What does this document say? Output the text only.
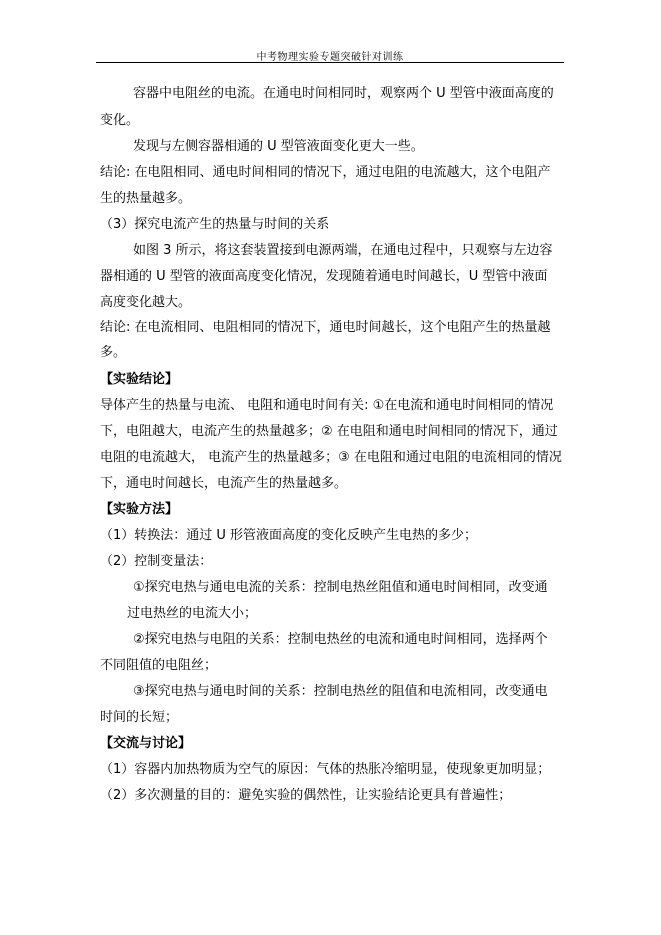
中考物理实验专题突破针对训练
容器中电阻丝的电流。在通电时间相同时，观察两个 U 型管中液面高度的
变化。
发现与左侧容器相通的 U 型管液面变化更大一些。
结论: 在电阻相同、通电时间相同的情况下，通过电阻的电流越大，这个电阻产
生的热量越多。
（3）探究电流产生的热量与时间的关系
如图 3 所示，将这套装置接到电源两端，在通电过程中，只观察与左边容
器相通的 U 型管的液面高度变化情况，发现随着通电时间越长，U 型管中液面
高度变化越大。
结论: 在电流相同、电阻相同的情况下，通电时间越长，这个电阻产生的热量越
多。
【实验结论】
导体产生的热量与电流、 电阻和通电时间有关: ①在电流和通电时间相同的情况
下，电阻越大，电流产生的热量越多；② 在电阻和通电时间相同的情况下，通过
电阻的电流越大， 电流产生的热量越多；③ 在电阻和通过电阻的电流相同的情况
下，通电时间越长，电流产生的热量越多。
【实验方法】
（1）转换法：通过 U 形管液面高度的变化反映产生电热的多少；
（2）控制变量法：
①探究电热与通电电流的关系：控制电热丝阻值和通电时间相同，改变通
过电热丝的电流大小；
②探究电热与电阻的关系：控制电热丝的电流和通电时间相同，选择两个
不同阻值的电阻丝；
③探究电热与通电时间的关系：控制电热丝的阻值和电流相同，改变通电
时间的长短；
【交流与讨论】
（1）容器内加热物质为空气的原因：气体的热胀冷缩明显，使现象更加明显；
（2）多次测量的目的：避免实验的偶然性，让实验结论更具有普遍性；
